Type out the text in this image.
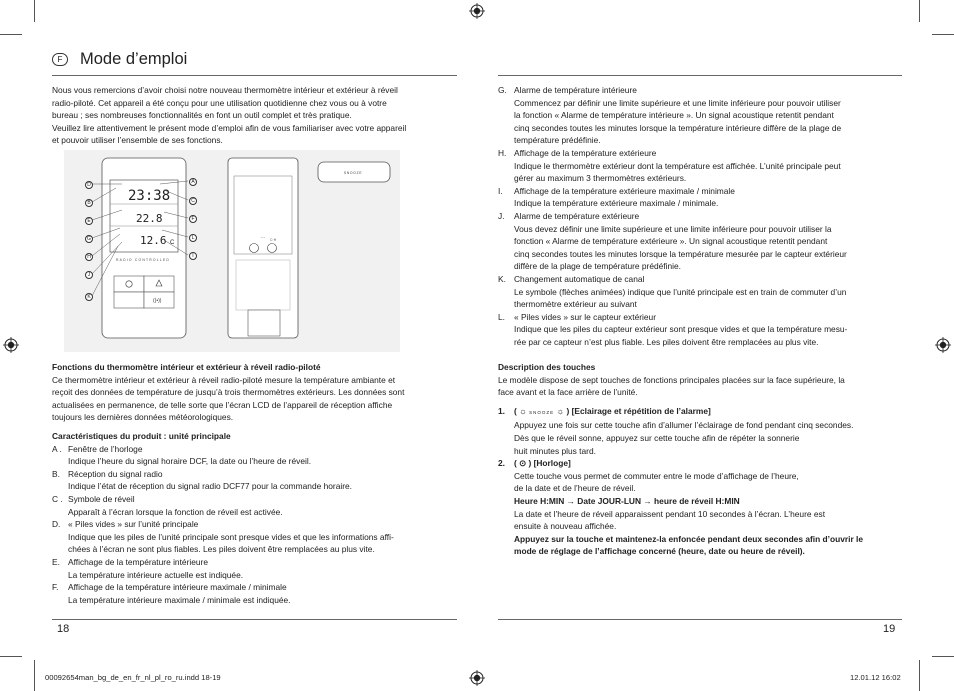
F	Mode d’emploi
Nous vous remercions d’avoir choisi notre nouveau thermomètre intérieur et extérieur à réveil
radio-piloté. Cet appareil a été conçu pour une utilisation quotidienne chez vous ou à votre
bureau ; ses nombreuses fonctionnalités en font un outil complet et très pratique.
Veuillez lire attentivement le présent mode d’emploi afin de vous familiariser avec votre appareil
et pouvoir utiliser l’ensemble de ses fonctions.
23:38
22.8
12.6 C
RADIO CONTROLLED
((•))
... C·H
SNOOZE
D
B
E
G
H
J
K
A
C
F
L
I
Fonctions du thermomètre intérieur et extérieur à réveil radio-piloté
Ce thermomètre intérieur et extérieur à réveil radio-piloté mesure la température ambiante et
reçoit des données de température de jusqu’à trois thermomètres extérieurs. Les données sont
actualisées en permanence, de telle sorte que l’écran LCD de l’appareil de réception affiche
toujours les dernières données météorologiques.
Caractéristiques du produit : unité principale
A . Fenêtre de l’horloge
Indique l’heure du signal horaire DCF, la date ou l’heure de réveil.
B. Réception du signal radio
Indique l’état de réception du signal radio DCF77 pour la commande horaire.
C . Symbole de réveil
Apparaît à l’écran lorsque la fonction de réveil est activée.
D. « Piles vides » sur l’unité principale
Indique que les piles de l’unité principale sont presque vides et que les informations affi-
chées à l’écran ne sont plus fiables. Les piles doivent être remplacées au plus vite.
E. Affichage de la température intérieure
La température intérieure actuelle est indiquée.
F. Affichage de la température intérieure maximale / minimale
La température intérieure maximale / minimale est indiquée.
18
G. Alarme de température intérieure
Commencez par définir une limite supérieure et une limite inférieure pour pouvoir utiliser
la fonction « Alarme de température intérieure ». Un signal acoustique retentit pendant
cinq secondes toutes les minutes lorsque la température intérieure diffère de la plage de
température prédéfinie.
H. Affichage de la température extérieure
Indique le thermomètre extérieur dont la température est affichée. L’unité principale peut
gérer au maximum 3 thermomètres extérieurs.
I. Affichage de la température extérieure maximale / minimale
Indique la température extérieure maximale / minimale.
J. Alarme de température extérieure
Vous devez définir une limite supérieure et une limite inférieure pour pouvoir utiliser la
fonction « Alarme de température extérieure ». Un signal acoustique retentit pendant
cinq secondes toutes les minutes lorsque la température mesurée par le capteur extérieur
diffère de la plage de température prédéfinie.
K. Changement automatique de canal
Le symbole (flèches animées) indique que l’unité principale est en train de commuter d’un
thermomètre extérieur au suivant
L. « Piles vides » sur le capteur extérieur
Indique que les piles du capteur extérieur sont presque vides et que la température mesu-
rée par ce capteur n’est plus fiable. Les piles doivent être remplacées au plus vite.
Description des touches
Le modèle dispose de sept touches de fonctions principales placées sur la face supérieure, la
face avant et la face arrière de l’unité.
1. ( ☼ SNOOZE ☼ ) [Eclairage et répétition de l’alarme]
Appuyez une fois sur cette touche afin d’allumer l’éclairage de fond pendant cinq secondes.
Dès que le réveil sonne, appuyez sur cette touche afin de répéter la sonnerie
huit minutes plus tard.
2. ( ⊙ ) [Horloge]
Cette touche vous permet de commuter entre le mode d’affichage de l’heure,
de la date et de l’heure de réveil.
Heure H:MIN → Date JOUR-LUN → heure de réveil H:MIN
La date et l’heure de réveil apparaissent pendant 10 secondes à l’écran. L’heure est
ensuite à nouveau affichée.
Appuyez sur la touche et maintenez-la enfoncée pendant deux secondes afin d’ouvrir le
mode de réglage de l’affichage concerné (heure, date ou heure de réveil).
19
00092654man_bg_de_en_fr_nl_pl_ro_ru.indd 18-19	12.01.12 16:02
